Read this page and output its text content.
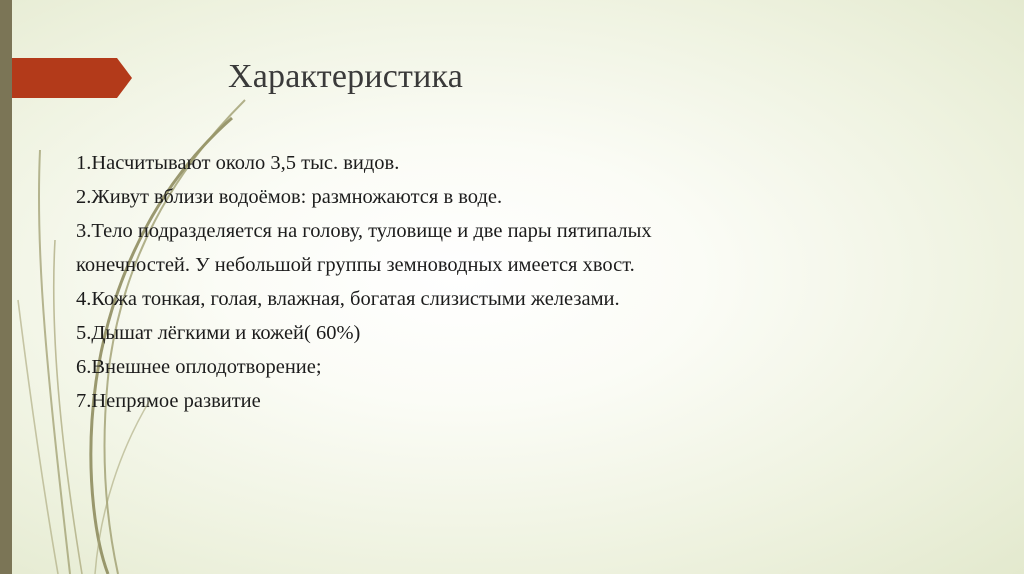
Характеристика
1.Насчитывают около 3,5 тыс. видов.
2.Живут вблизи водоёмов: размножаются в воде.
3.Тело подразделяется на голову, туловище и две пары пятипалых
конечностей. У небольшой группы земноводных имеется хвост.
4.Кожа тонкая, голая, влажная, богатая слизистыми железами.
5.Дышат лёгкими и кожей( 60%)
6.Внешнее оплодотворение;
7.Непрямое развитие
